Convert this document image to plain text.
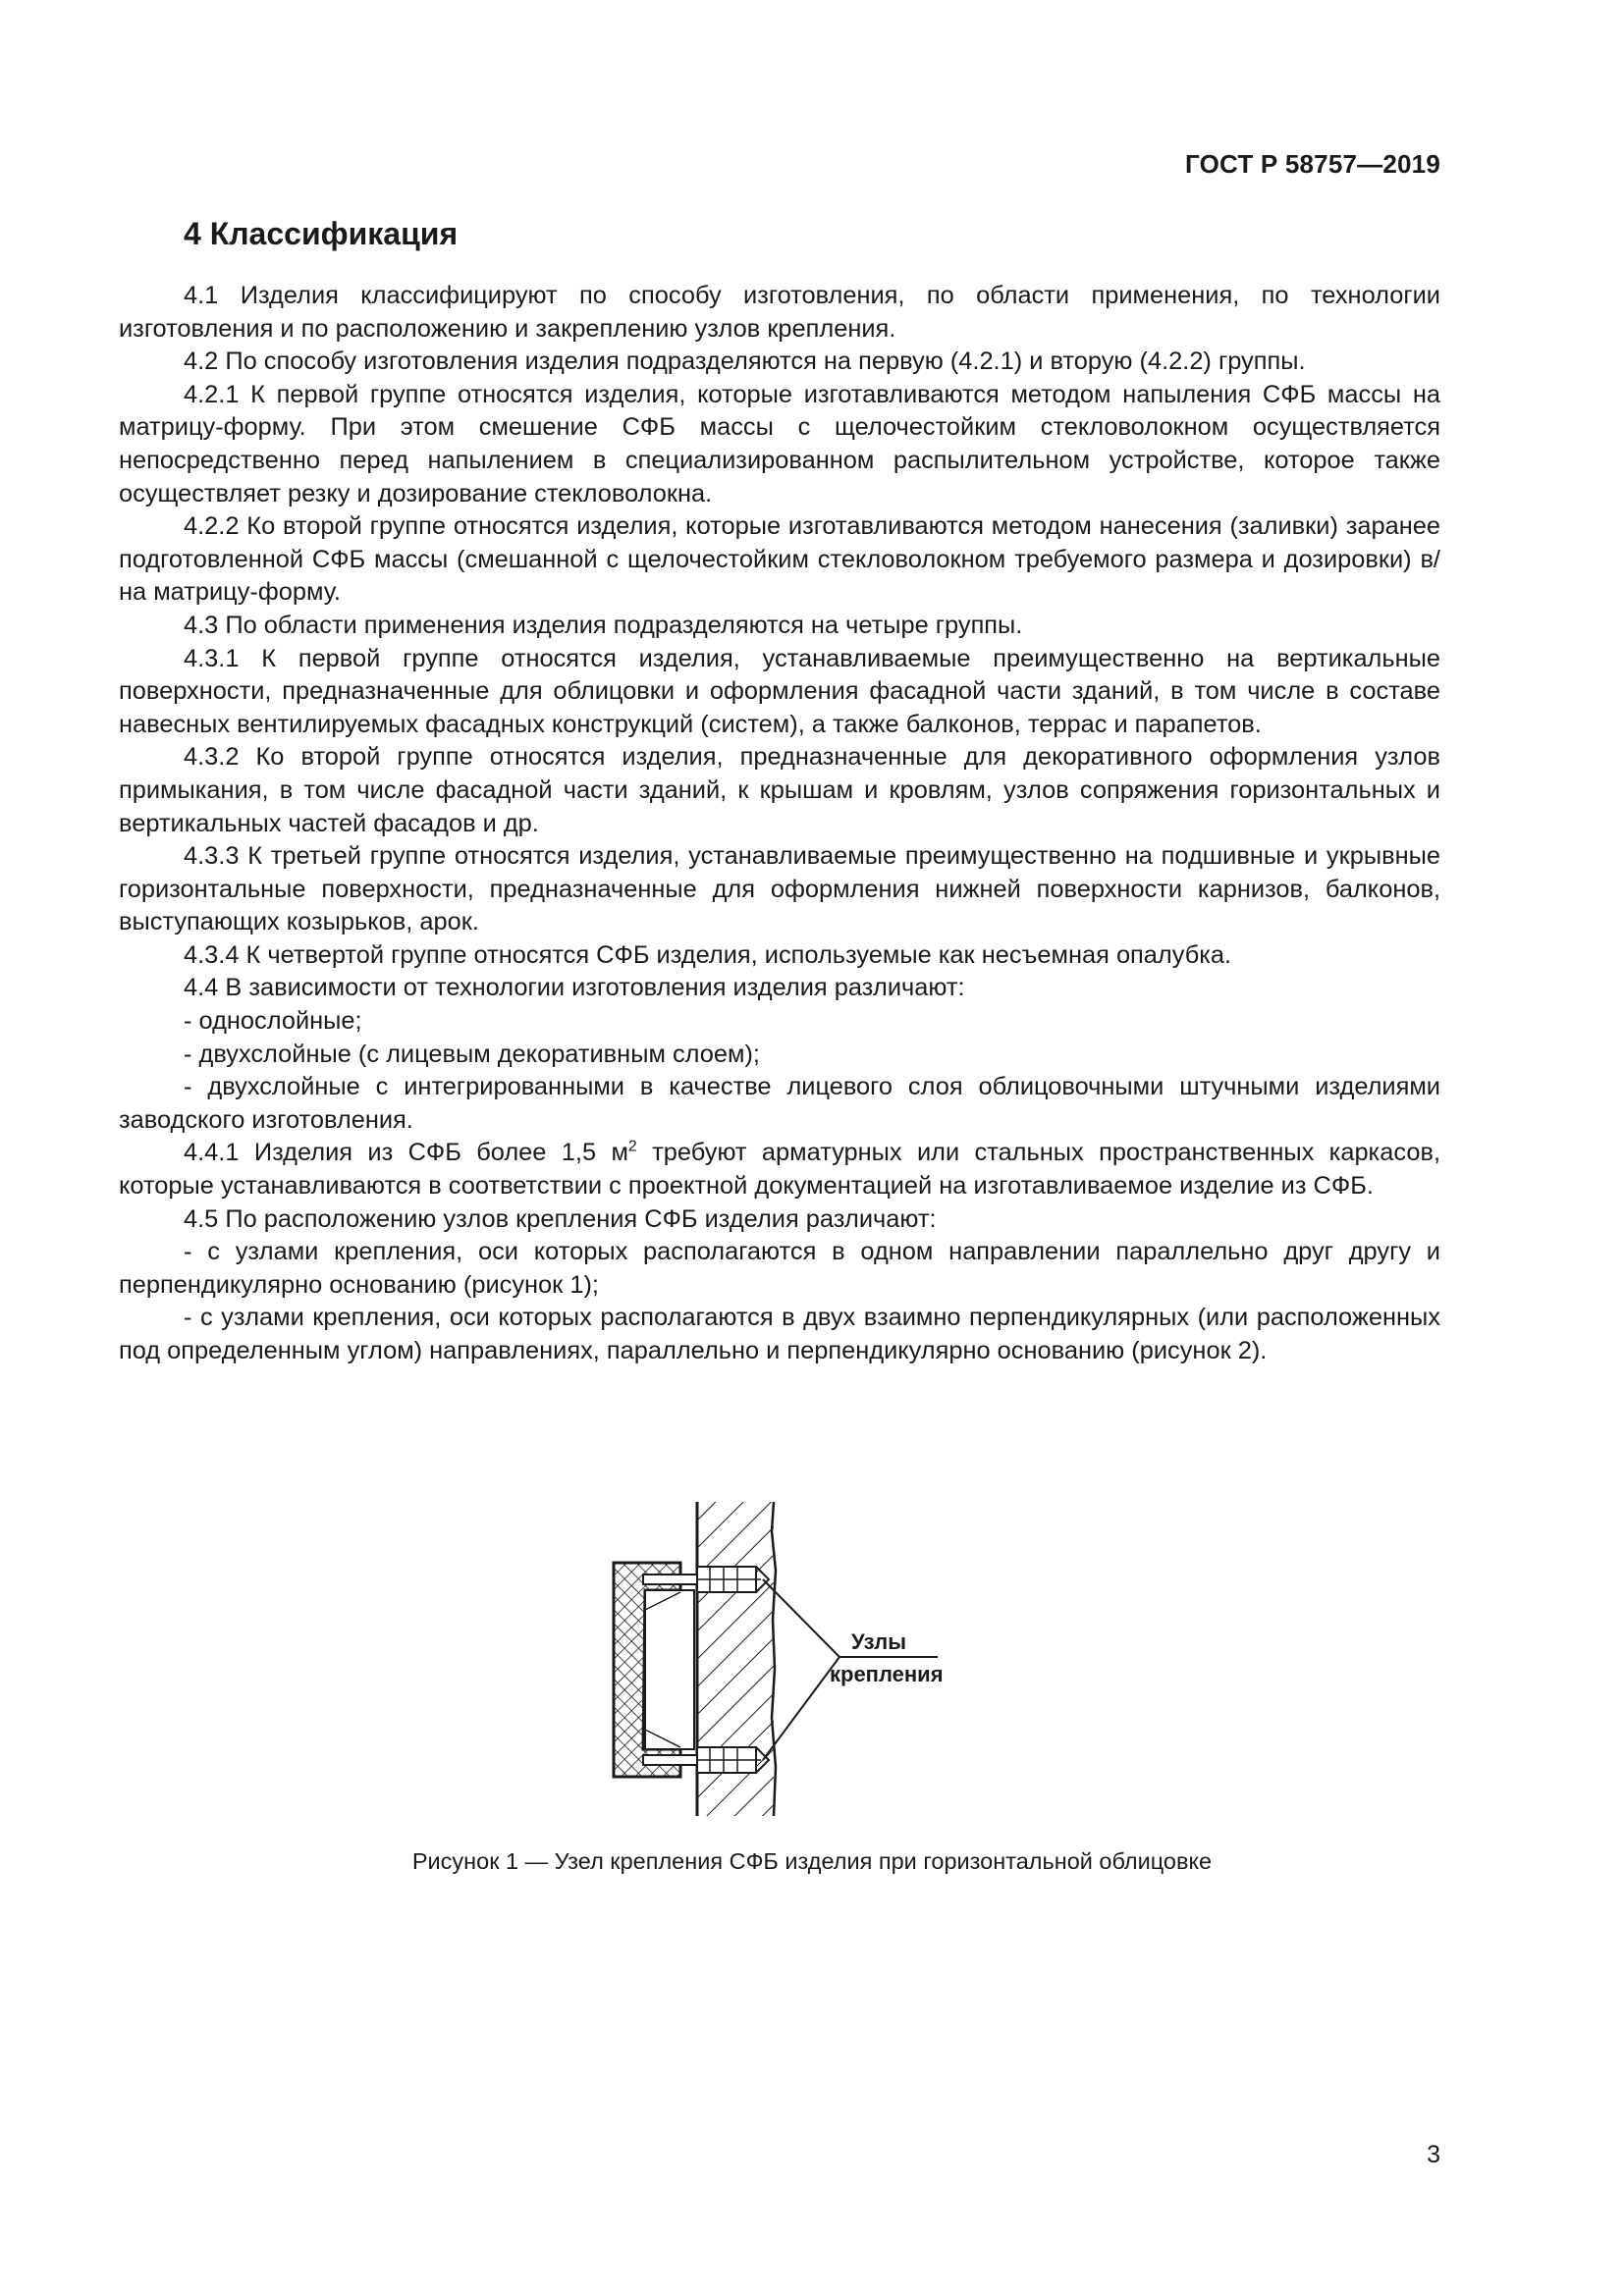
ГОСТ Р 58757—2019

4 Классификация

4.1 Изделия классифицируют по способу изготовления, по области применения, по технологии изготовления и по расположению и закреплению узлов крепления.

4.2 По способу изготовления изделия подразделяются на первую (4.2.1) и вторую (4.2.2) группы.

4.2.1 К первой группе относятся изделия, которые изготавливаются методом напыления СФБ массы на матрицу-форму. При этом смешение СФБ массы с щелочестойким стекловолокном осуществляется непосредственно перед напылением в специализированном распылительном устройстве, которое также осуществляет резку и дозирование стекловолокна.

4.2.2 Ко второй группе относятся изделия, которые изготавливаются методом нанесения (заливки) заранее подготовленной СФБ массы (смешанной с щелочестойким стекловолокном требуемого размера и дозировки) в/на матрицу-форму.

4.3 По области применения изделия подразделяются на четыре группы.

4.3.1 К первой группе относятся изделия, устанавливаемые преимущественно на вертикальные поверхности, предназначенные для облицовки и оформления фасадной части зданий, в том числе в составе навесных вентилируемых фасадных конструкций (систем), а также балконов, террас и парапетов.

4.3.2 Ко второй группе относятся изделия, предназначенные для декоративного оформления узлов примыкания, в том числе фасадной части зданий, к крышам и кровлям, узлов сопряжения горизонтальных и вертикальных частей фасадов и др.

4.3.3 К третьей группе относятся изделия, устанавливаемые преимущественно на подшивные и укрывные горизонтальные поверхности, предназначенные для оформления нижней поверхности карнизов, балконов, выступающих козырьков, арок.

4.3.4 К четвертой группе относятся СФБ изделия, используемые как несъемная опалубка.

4.4 В зависимости от технологии изготовления изделия различают:

- однослойные;

- двухслойные (с лицевым декоративным слоем);

- двухслойные с интегрированными в качестве лицевого слоя облицовочными штучными изделиями заводского изготовления.

4.4.1 Изделия из СФБ более 1,5 $м^2$ требуют арматурных или стальных пространственных каркасов, которые устанавливаются в соответствии с проектной документацией на изготавливаемое изделие из СФБ.

4.5 По расположению узлов крепления СФБ изделия различают:

- с узлами крепления, оси которых располагаются в одном направлении параллельно друг другу и перпендикулярно основанию (рисунок 1);

- с узлами крепления, оси которых располагаются в двух взаимно перпендикулярных (или расположенных под определенным углом) направлениях, параллельно и перпендикулярно основанию (рисунок 2).

Узлы
крепления

Рисунок 1 — Узел крепления СФБ изделия при горизонтальной облицовке

3
